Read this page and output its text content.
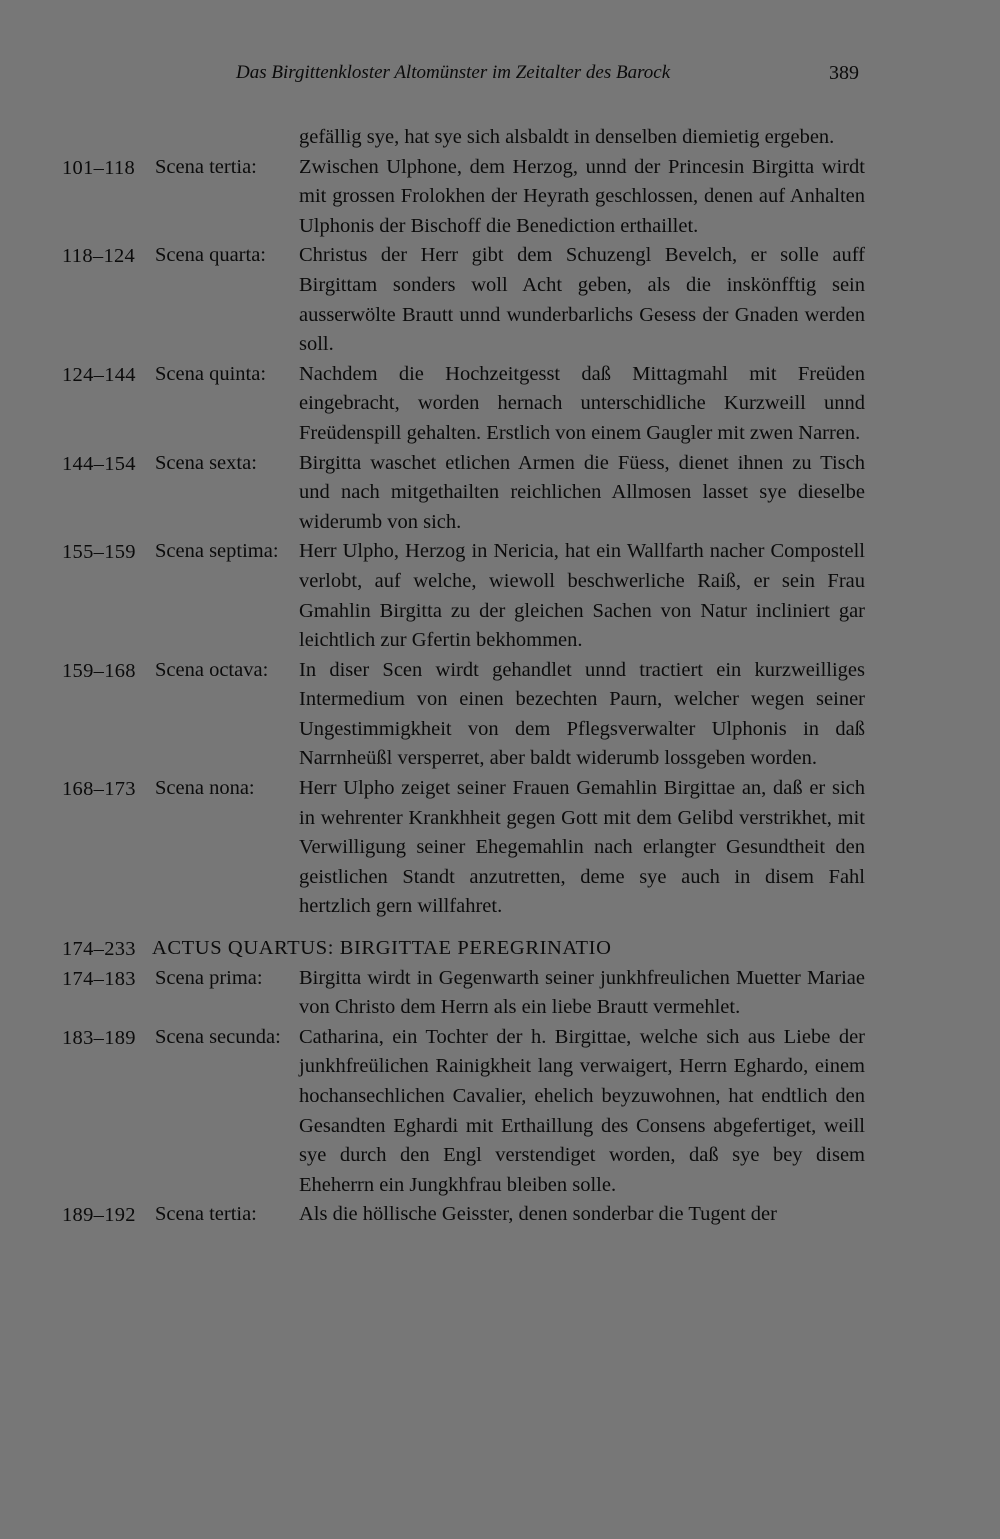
Das Birgittenkloster Altomünster im Zeitalter des Barock	389
gefällig sye, hat sye sich alsbaldt in denselben diemietig ergeben.
101–118 Scena tertia: Zwischen Ulphone, dem Herzog, unnd der Princesin Birgitta wirdt mit grossen Frolokhen der Heyrath geschlossen, denen auf Anhalten Ulphonis der Bischoff die Benediction erthaillet.
118–124 Scena quarta: Christus der Herr gibt dem Schuzengl Bevelch, er solle auff Birgittam sonders woll Acht geben, als die inskönfftig sein ausserwölte Brautt unnd wunderbarlichs Gesess der Gnaden werden soll.
124–144 Scena quinta: Nachdem die Hochzeitgesst daß Mittagmahl mit Freüden eingebracht, worden hernach unterschidliche Kurzweill unnd Freüdenspill gehalten. Erstlich von einem Gaugler mit zwen Narren.
144–154 Scena sexta: Birgitta waschet etlichen Armen die Füess, dienet ihnen zu Tisch und nach mitgethailten reichlichen Allmosen lasset sye dieselbe widerumb von sich.
155–159 Scena septima: Herr Ulpho, Herzog in Nericia, hat ein Wallfarth nacher Compostell verlobt, auf welche, wiewoll beschwerliche Raiß, er sein Frau Gmahlin Birgitta zu der gleichen Sachen von Natur incliniert gar leichtlich zur Gfertin bekhommen.
159–168 Scena octava: In diser Scen wirdt gehandlet unnd tractiert ein kurzweilliges Intermedium von einen bezechten Paurn, welcher wegen seiner Ungestimmigkheit von dem Pflegsverwalter Ulphonis in daß Narrnheüßl versperret, aber baldt widerumb lossgeben worden.
168–173 Scena nona: Herr Ulpho zeiget seiner Frauen Gemahlin Birgittae an, daß er sich in wehrenter Krankhheit gegen Gott mit dem Gelibd verstrikhet, mit Verwilligung seiner Ehegemahlin nach erlangter Gesundtheit den geistlichen Standt anzutretten, deme sye auch in disem Fahl hertzlich gern willfahret.
174–233 ACTUS QUARTUS: BIRGITTAE PEREGRINATIO
174–183 Scena prima: Birgitta wirdt in Gegenwarth seiner junkhfreulichen Muetter Mariae von Christo dem Herrn als ein liebe Brautt vermehlet.
183–189 Scena secunda: Catharina, ein Tochter der h. Birgittae, welche sich aus Liebe der junkhfreülichen Rainigkheit lang verwaigert, Herrn Eghardo, einem hochansechlichen Cavalier, ehelich beyzuwohnen, hat endtlich den Gesandten Eghardi mit Erthaillung des Consens abgefertiget, weill sye durch den Engl verstendiget worden, daß sye bey disem Eheherrn ein Jungkhfrau bleiben solle.
189–192 Scena tertia: Als die höllische Geisster, denen sonderbar die Tugent der
